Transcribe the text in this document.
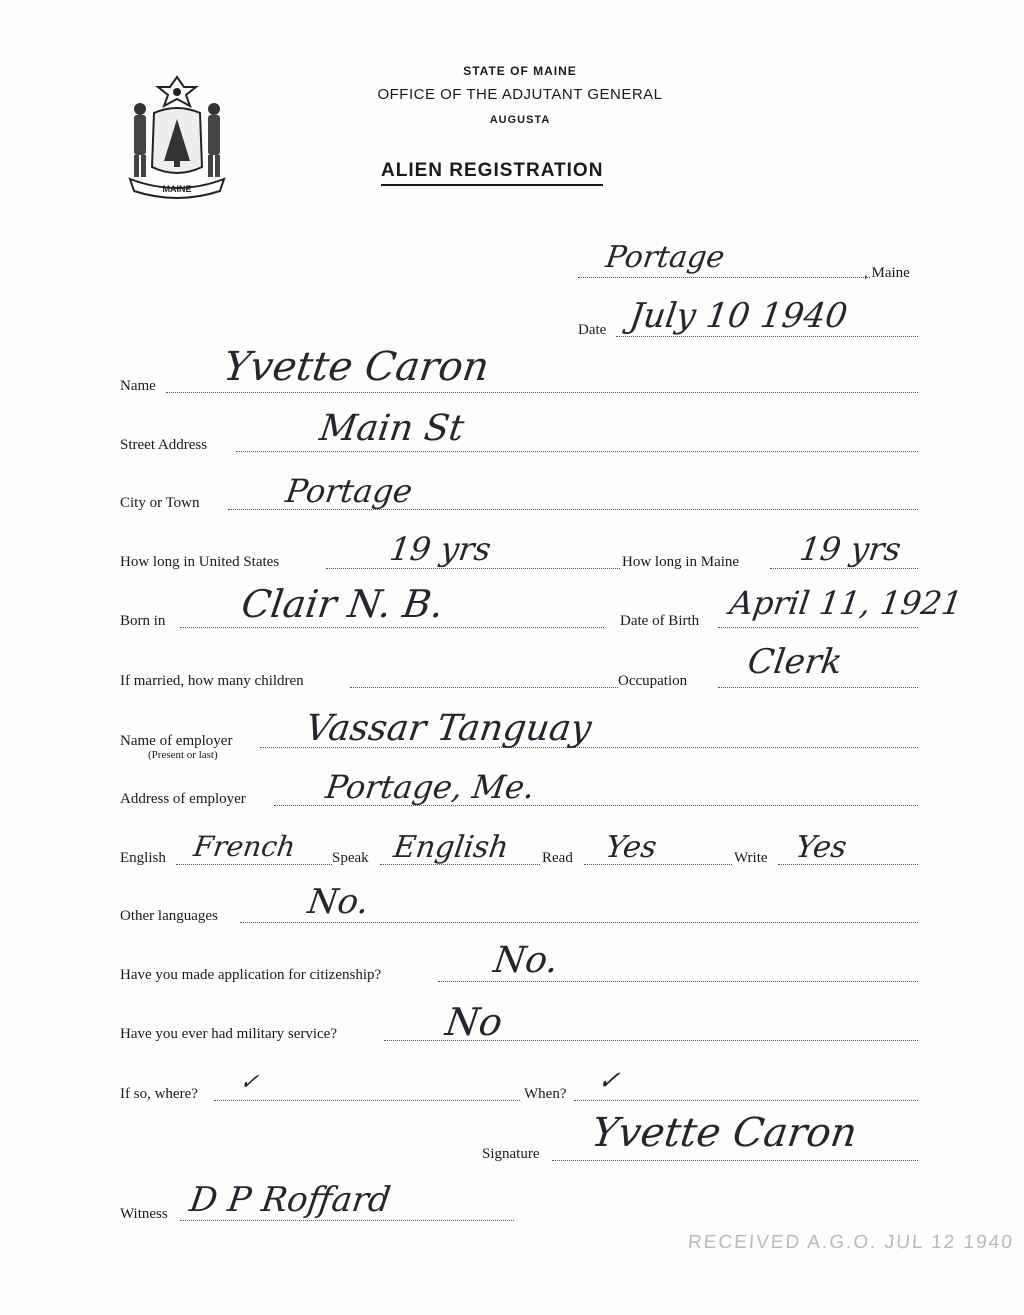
MAINE
STATE OF MAINE
OFFICE OF THE ADJUTANT GENERAL
AUGUSTA
ALIEN REGISTRATION
Portage	, Maine
Date July 10 1940
Name Yvette Caron
Street Address	Main St
City or Town	Portage
How long in United States	19 yrs	How long in Maine 19 yrs
Born in Clair N. B.	Date of Birth April 11, 1921
If married, how many children	Occupation Clerk
Name of employer
(Present or last)
Vassar Tanguay
Address of employer Portage, Me.
English French Speak English Read Yes	Write Yes
Other languages	No.
Have you made application for citizenship?	No.
Have you ever had military service?	No
If so, where? ✓	When? ✓
Signature Yvette Caron
Witness D P Roffard
RECEIVED A.G.O. JUL 12 1940
